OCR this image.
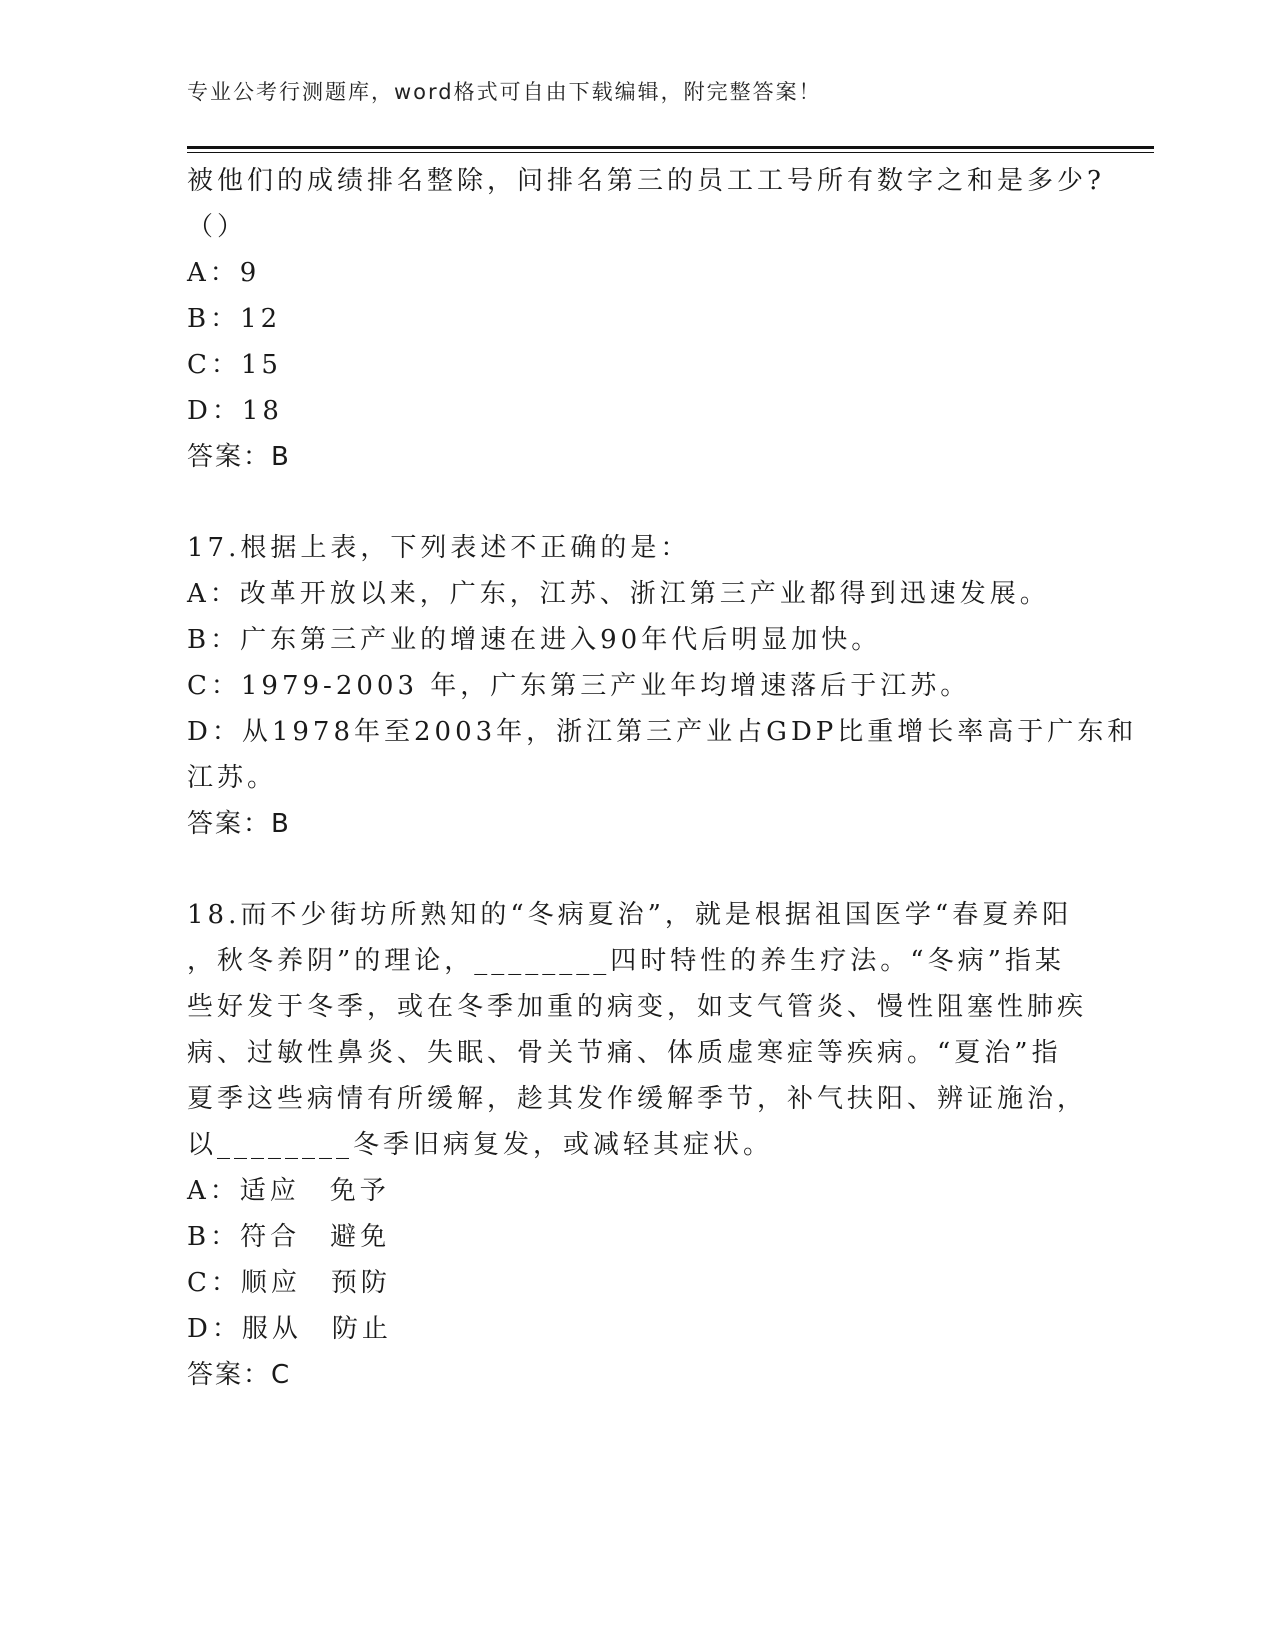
专业公考行测题库，word格式可自由下载编辑，附完整答案！
被他们的成绩排名整除，问排名第三的员工工号所有数字之和是多少?
（）
A：9
B：12
C：15
D：18
答案：B
17.根据上表，下列表述不正确的是：
A：改革开放以来，广东，江苏、浙江第三产业都得到迅速发展。
B：广东第三产业的增速在进入90年代后明显加快。
C：1979-2003 年，广东第三产业年均增速落后于江苏。
D：从1978年至2003年，浙江第三产业占GDP比重增长率高于广东和
江苏。
答案：B
18.而不少街坊所熟知的“冬病夏治”，就是根据祖国医学“春夏养阳
，秋冬养阴”的理论，________四时特性的养生疗法。“冬病”指某
些好发于冬季，或在冬季加重的病变，如支气管炎、慢性阻塞性肺疾
病、过敏性鼻炎、失眠、骨关节痛、体质虚寒症等疾病。“夏治”指
夏季这些病情有所缓解，趁其发作缓解季节，补气扶阳、辨证施治，
以________冬季旧病复发，或减轻其症状。
A：适应　免予
B：符合　避免
C：顺应　预防
D：服从　防止
答案：C
